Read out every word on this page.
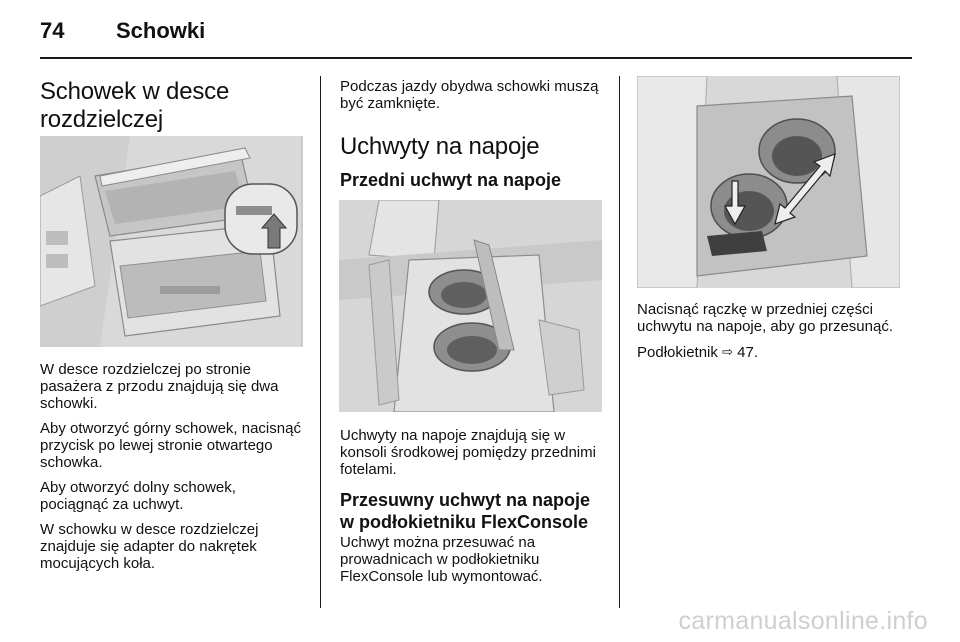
74 Schowki
Schowek w desce rozdzielczej

W desce rozdzielczej po stronie pasażera z przodu znajdują się dwa schowki.

Aby otworzyć górny schowek, nacisnąć przycisk po lewej stronie otwartego schowka.

Aby otworzyć dolny schowek, pociągnąć za uchwyt.

W schowku w desce rozdzielczej znajduje się adapter do nakrętek mocujących koła.

Podczas jazdy obydwa schowki muszą być zamknięte.

Uchwyty na napoje
Przedni uchwyt na napoje

Uchwyty na napoje znajdują się w konsoli środkowej pomiędzy przednimi fotelami.

Przesuwny uchwyt na napoje w podłokietniku FlexConsole

Uchwyt można przesuwać na prowadnicach w podłokietniku FlexConsole lub wymontować.

Nacisnąć rączkę w przedniej części uchwytu na napoje, aby go przesunąć.

Podłokietnik ⇨ 47.

carmanualsonline.info
